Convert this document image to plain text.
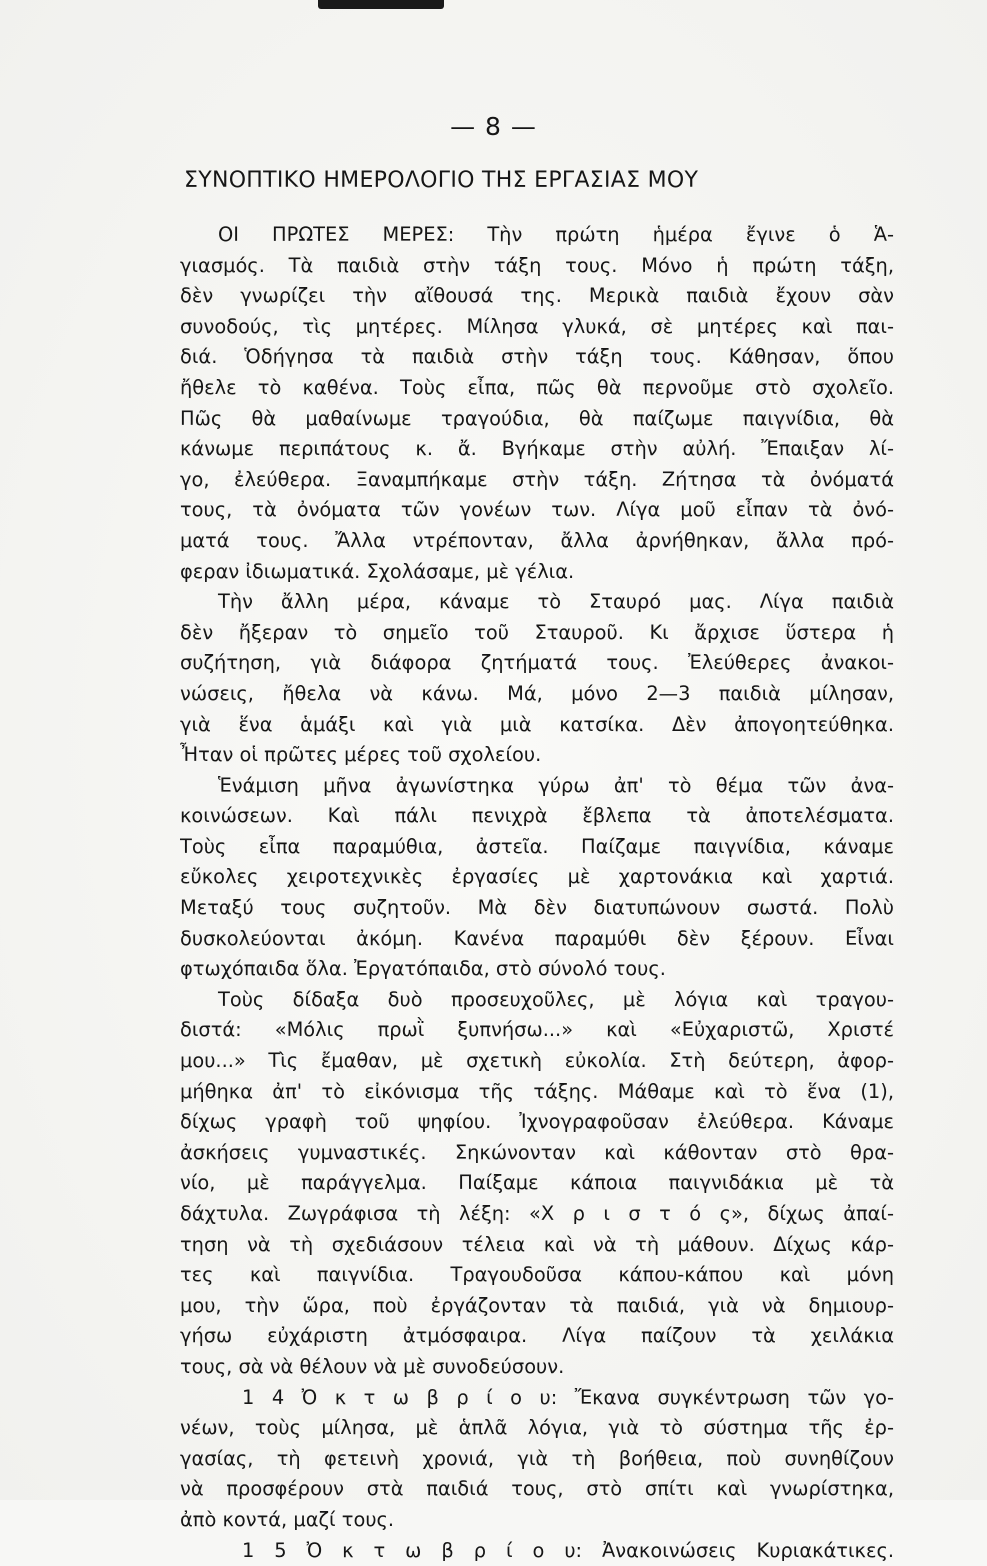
— 8 —
ΣΥΝΟΠΤΙΚΟ ΗΜΕΡΟΛΟΓΙΟ ΤΗΣ ΕΡΓΑΣΙΑΣ ΜΟΥ
ΟΙ ΠΡΩΤΕΣ ΜΕΡΕΣ: Τὴν πρώτη ἡμέρα ἔγινε ὁ Ἁ-
γιασμός. Τὰ παιδιὰ στὴν τάξη τους. Μόνο ἡ πρώτη τάξη,
δὲν γνωρίζει τὴν αἴθουσά της. Μερικὰ παιδιὰ ἔχουν σὰν
συνοδούς, τὶς μητέρες. Μίλησα γλυκά, σὲ μητέρες καὶ παι-
διά. Ὁδήγησα τὰ παιδιὰ στὴν τάξη τους. Κάθησαν, ὅπου
ἤθελε τὸ καθένα. Τοὺς εἶπα, πῶς θὰ περνοῦμε στὸ σχολεῖο.
Πῶς θὰ μαθαίνωμε τραγούδια, θὰ παίζωμε παιγνίδια, θὰ
κάνωμε περιπάτους κ. ἄ. Βγήκαμε στὴν αὐλή. Ἔπαιξαν λί-
γο, ἐλεύθερα. Ξαναμπήκαμε στὴν τάξη. Ζήτησα τὰ ὀνόματά
τους, τὰ ὀνόματα τῶν γονέων των. Λίγα μοῦ εἶπαν τὰ ὀνό-
ματά τους. Ἄλλα ντρέπονταν, ἄλλα ἀρνήθηκαν, ἄλλα πρό-
φεραν ἰδιωματικά. Σχολάσαμε, μὲ γέλια.
Τὴν ἄλλη μέρα, κάναμε τὸ Σταυρό μας. Λίγα παιδιὰ
δὲν ἤξεραν τὸ σημεῖο τοῦ Σταυροῦ. Κι ἄρχισε ὕστερα ἡ
συζήτηση, γιὰ διάφορα ζητήματά τους. Ἐλεύθερες ἀνακοι-
νώσεις, ἤθελα νὰ κάνω. Μά, μόνο 2—3 παιδιὰ μίλησαν,
γιὰ ἕνα ἁμάξι καὶ γιὰ μιὰ κατσίκα. Δὲν ἀπογοητεύθηκα.
Ἦταν οἱ πρῶτες μέρες τοῦ σχολείου.
Ἑνάμιση μῆνα ἀγωνίστηκα γύρω ἀπ' τὸ θέμα τῶν ἀνα-
κοινώσεων. Καὶ πάλι πενιχρὰ ἔβλεπα τὰ ἀποτελέσματα.
Τοὺς εἶπα παραμύθια, ἀστεῖα. Παίζαμε παιγνίδια, κάναμε
εὔκολες χειροτεχνικὲς ἐργασίες μὲ χαρτονάκια καὶ χαρτιά.
Μεταξύ τους συζητοῦν. Μὰ δὲν διατυπώνουν σωστά. Πολὺ
δυσκολεύονται ἀκόμη. Κανένα παραμύθι δὲν ξέρουν. Εἶναι
φτωχόπαιδα ὅλα. Ἐργατόπαιδα, στὸ σύνολό τους.
Τοὺς δίδαξα δυὸ προσευχοῦλες, μὲ λόγια καὶ τραγου-
διστά: «Μόλις πρωῒ ξυπνήσω...» καὶ «Εὐχαριστῶ, Χριστέ
μου...» Τὶς ἔμαθαν, μὲ σχετικὴ εὐκολία. Στὴ δεύτερη, ἀφορ-
μήθηκα ἀπ' τὸ εἰκόνισμα τῆς τάξης. Μάθαμε καὶ τὸ ἕνα (1),
δίχως γραφὴ τοῦ ψηφίου. Ἰχνογραφοῦσαν ἐλεύθερα. Κάναμε
ἀσκήσεις γυμναστικές. Σηκώνονταν καὶ κάθονταν στὸ θρα-
νίο, μὲ παράγγελμα. Παίξαμε κάποια παιγνιδάκια μὲ τὰ
δάχτυλα. Ζωγράφισα τὴ λέξη: «Χ ρ ι σ τ ό ς», δίχως ἀπαί-
τηση νὰ τὴ σχεδιάσουν τέλεια καὶ νὰ τὴ μάθουν. Δίχως κάρ-
τες καὶ παιγνίδια. Τραγουδοῦσα κάπου-κάπου καὶ μόνη
μου, τὴν ὥρα, ποὺ ἐργάζονταν τὰ παιδιά, γιὰ νὰ δημιουρ-
γήσω εὐχάριστη ἀτμόσφαιρα. Λίγα παίζουν τὰ χειλάκια
τους, σὰ νὰ θέλουν νὰ μὲ συνοδεύσουν.
1 4 Ὀ κ τ ω β ρ ί ο υ: Ἔκανα συγκέντρωση τῶν γο-
νέων, τοὺς μίλησα, μὲ ἁπλᾶ λόγια, γιὰ τὸ σύστημα τῆς ἐρ-
γασίας, τὴ φετεινὴ χρονιά, γιὰ τὴ βοήθεια, ποὺ συνηθίζουν
νὰ προσφέρουν στὰ παιδιά τους, στὸ σπίτι καὶ γνωρίστηκα,
ἀπὸ κοντά, μαζί τους.
1 5 Ὀ κ τ ω β ρ ί ο υ: Ἀνακοινώσεις Κυριακάτικες.
